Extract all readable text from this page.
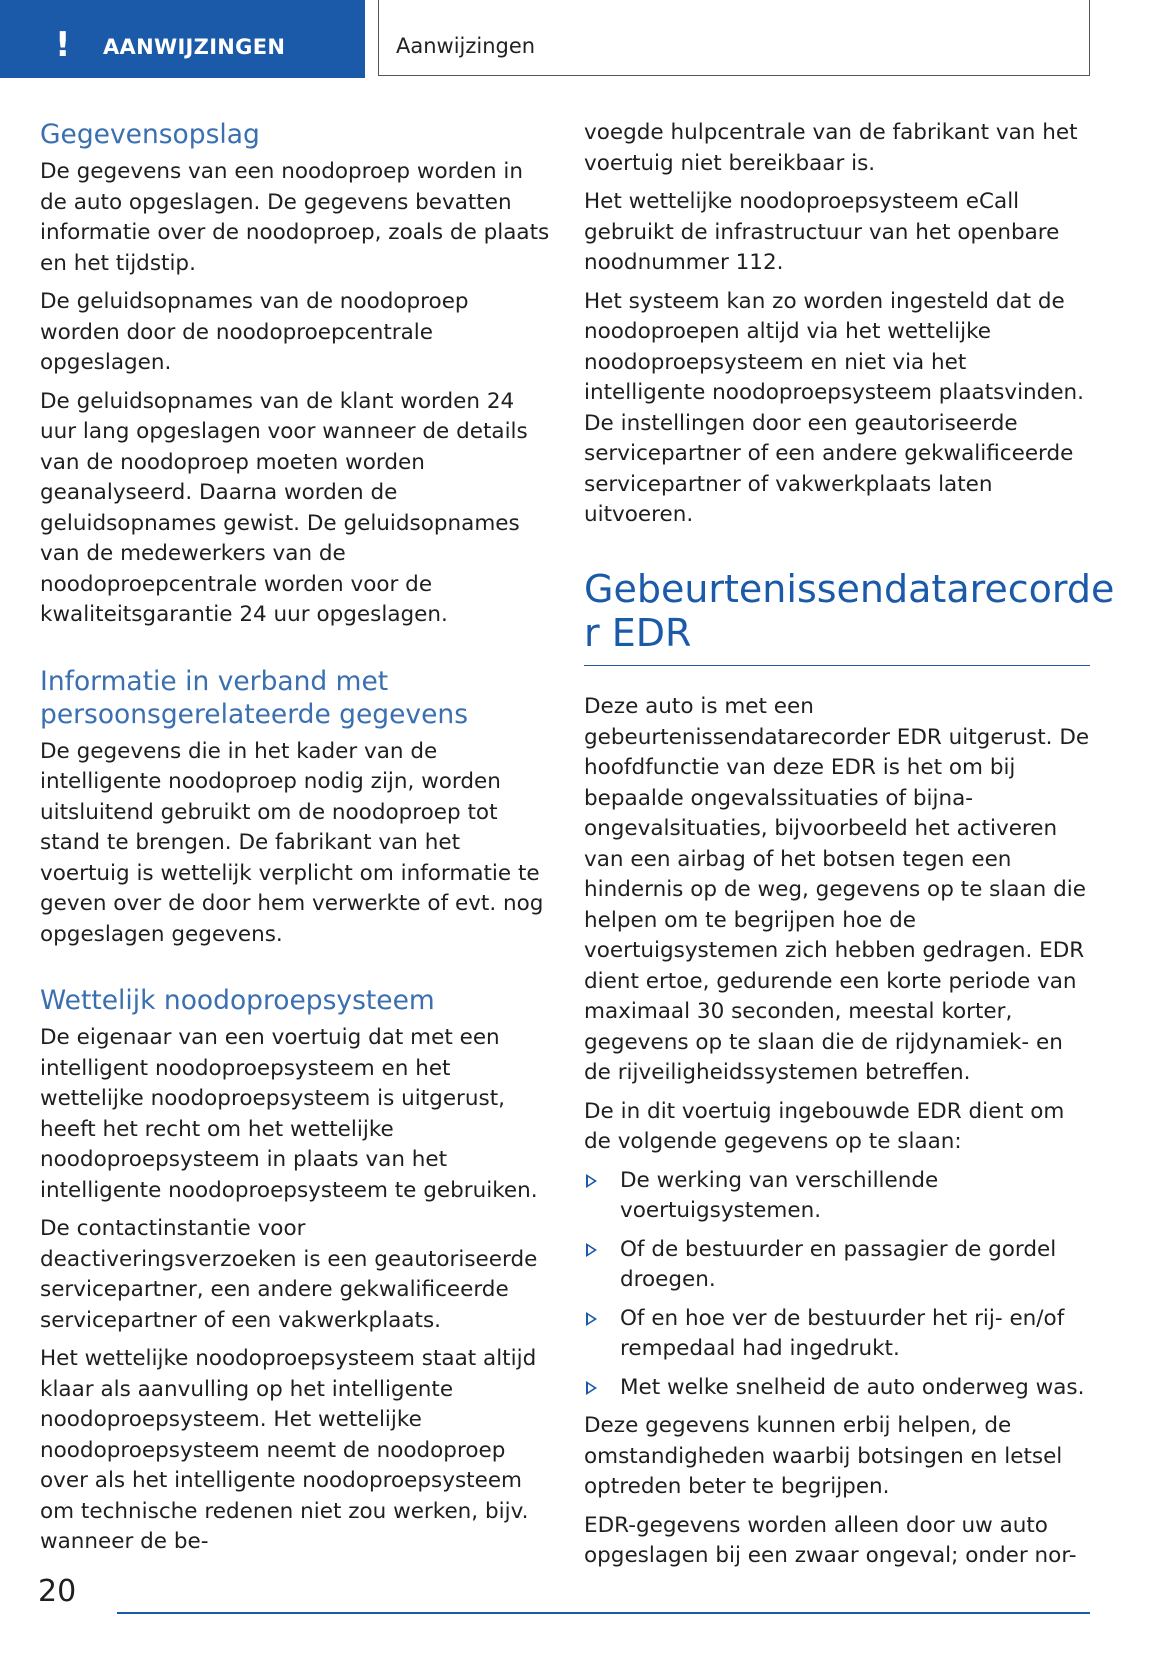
! AANWIJZINGEN	Aanwijzingen
Gegevensopslag

De gegevens van een noodoproep worden in de auto opgeslagen. De gegevens bevatten informatie over de noodoproep, zoals de plaats en het tijdstip.

De geluidsopnames van de noodoproep worden door de noodoproepcentrale opgeslagen.

De geluidsopnames van de klant worden 24 uur lang opgeslagen voor wanneer de details van de noodoproep moeten worden geanalyseerd. Daarna worden de geluidsopnames gewist. De geluidsopnames van de medewerkers van de noodoproepcentrale worden voor de kwaliteitsgarantie 24 uur opgeslagen.

Informatie in verband met persoonsgerelateerde gegevens

De gegevens die in het kader van de intelligente noodoproep nodig zijn, worden uitsluitend gebruikt om de noodoproep tot stand te brengen. De fabrikant van het voertuig is wettelijk verplicht om informatie te geven over de door hem verwerkte of evt. nog opgeslagen gegevens.

Wettelijk noodoproepsysteem

De eigenaar van een voertuig dat met een intelligent noodoproepsysteem en het wettelijke noodoproepsysteem is uitgerust, heeft het recht om het wettelijke noodoproepsysteem in plaats van het intelligente noodoproepsysteem te gebruiken.

De contactinstantie voor deactiveringsverzoeken is een geautoriseerde servicepartner, een andere gekwalificeerde servicepartner of een vakwerkplaats.

Het wettelijke noodoproepsysteem staat altijd klaar als aanvulling op het intelligente noodoproepsysteem. Het wettelijke noodoproepsysteem neemt de noodoproep over als het intelligente noodoproepsysteem om technische redenen niet zou werken, bijv. wanneer de be-

voegde hulpcentrale van de fabrikant van het voertuig niet bereikbaar is.

Het wettelijke noodoproepsysteem eCall gebruikt de infrastructuur van het openbare noodnummer 112.

Het systeem kan zo worden ingesteld dat de noodoproepen altijd via het wettelijke noodoproepsysteem en niet via het intelligente noodoproepsysteem plaatsvinden. De instellingen door een geautoriseerde servicepartner of een andere gekwalificeerde servicepartner of vakwerkplaats laten uitvoeren.

Gebeurtenissendatarecorde r EDR

Deze auto is met een gebeurtenissendatarecorder EDR uitgerust. De hoofdfunctie van deze EDR is het om bij bepaalde ongevalssituaties of bijna-ongevalsituaties, bijvoorbeeld het activeren van een airbag of het botsen tegen een hindernis op de weg, gegevens op te slaan die helpen om te begrijpen hoe de voertuigsystemen zich hebben gedragen. EDR dient ertoe, gedurende een korte periode van maximaal 30 seconden, meestal korter, gegevens op te slaan die de rijdynamiek- en de rijveiligheidssystemen betreffen.

De in dit voertuig ingebouwde EDR dient om de volgende gegevens op te slaan:

De werking van verschillende voertuigsystemen.
Of de bestuurder en passagier de gordel droegen.
Of en hoe ver de bestuurder het rij- en/of rempedaal had ingedrukt.
Met welke snelheid de auto onderweg was.

Deze gegevens kunnen erbij helpen, de omstandigheden waarbij botsingen en letsel optreden beter te begrijpen.

EDR-gegevens worden alleen door uw auto opgeslagen bij een zwaar ongeval; onder nor-

20
